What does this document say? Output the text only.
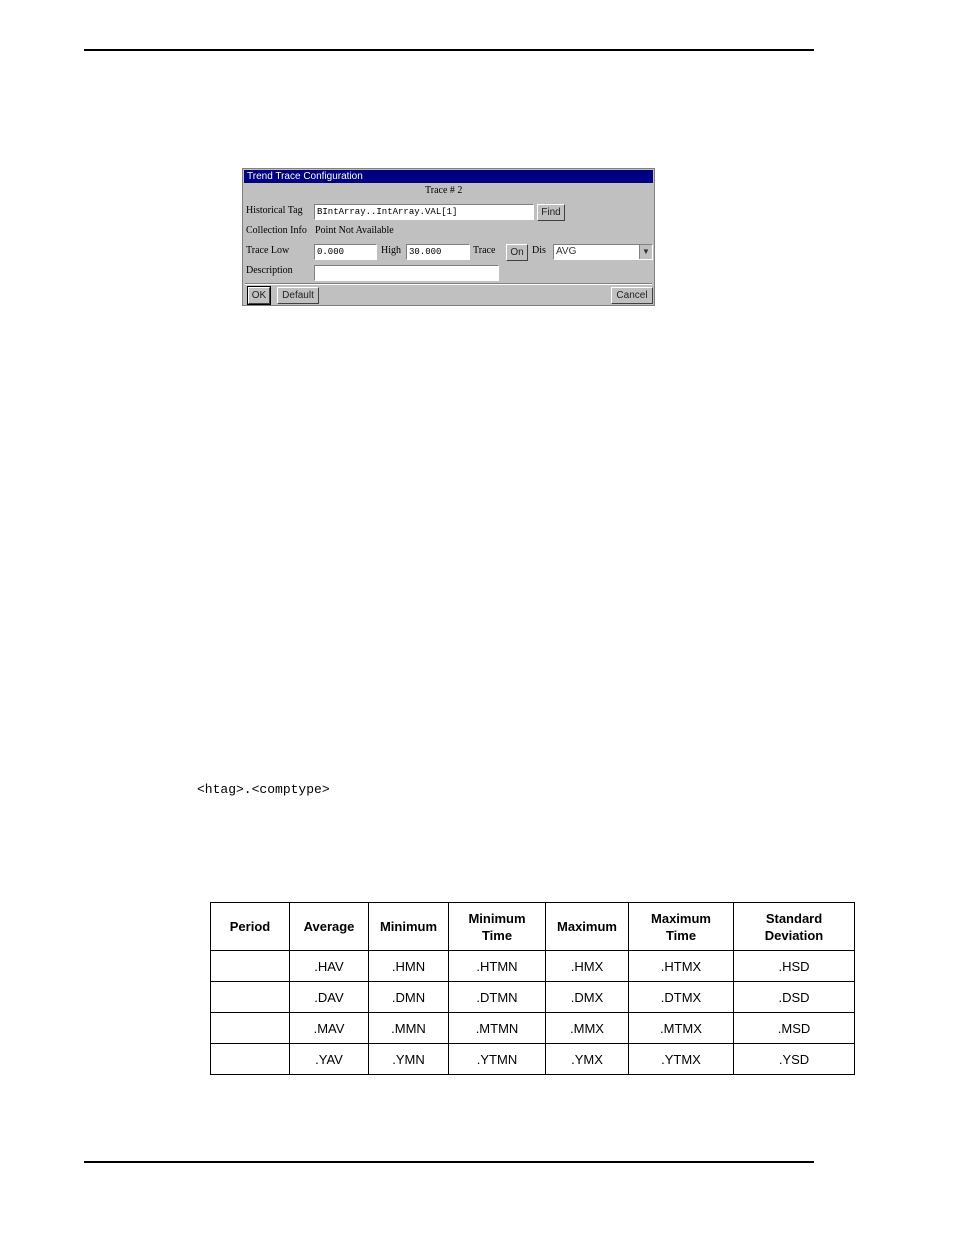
Trend Trace Configuration
Trace # 2
Historical Tag	BIntArray..IntArray.VAL[1]	Find
Collection Info Point Not Available
Trace Low	0.000	High 30.000	Trace	On Dis	AVG	▼
Description
OK	Default	Cancel
<htag>.<comptype>
Period	Average	Minimum	Minimum Time	Maximum	Maximum Time	Standard Deviation
	.HAV	.HMN	.HTMN	.HMX	.HTMX	.HSD
	.DAV	.DMN	.DTMN	.DMX	.DTMX	.DSD
	.MAV	.MMN	.MTMN	.MMX	.MTMX	.MSD
	.YAV	.YMN	.YTMN	.YMX	.YTMX	.YSD
